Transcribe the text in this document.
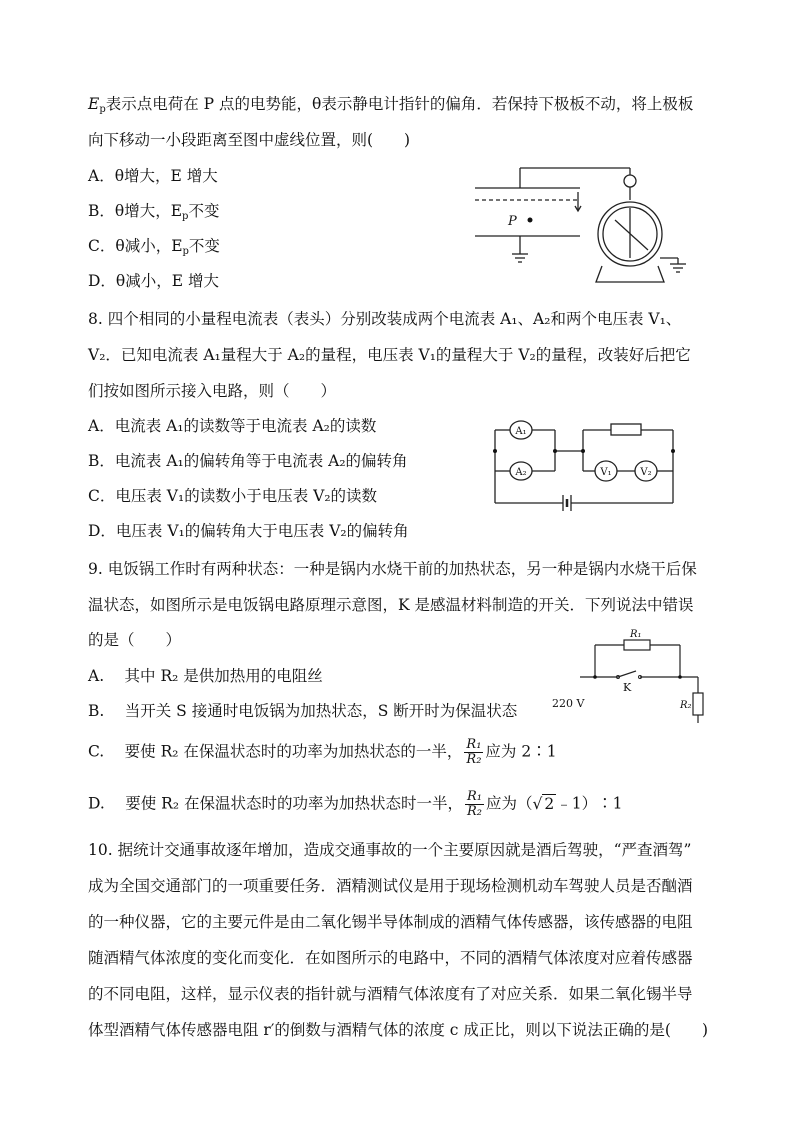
$E_p$表示点电荷在 P 点的电势能，θ表示静电计指针的偏角．若保持下极板不动，将上极板
向下移动一小段距离至图中虚线位置，则(　　)
A．θ增大，E 增大
B．θ增大，$E_p$不变
C．θ减小，$E_p$不变
D．θ减小，E 增大
P
8. 四个相同的小量程电流表（表头）分别改装成两个电流表 A₁、A₂和两个电压表 V₁、
V₂．已知电流表 A₁量程大于 A₂的量程，电压表 V₁的量程大于 V₂的量程，改装好后把它
们按如图所示接入电路，则（　　）
A．电流表 A₁的读数等于电流表 A₂的读数
B．电流表 A₁的偏转角等于电流表 A₂的偏转角
C．电压表 V₁的读数小于电压表 V₂的读数
D．电压表 V₁的偏转角大于电压表 V₂的偏转角
A₁
A₂	V₁	V₂
9. 电饭锅工作时有两种状态：一种是锅内水烧干前的加热状态，另一种是锅内水烧干后保
温状态，如图所示是电饭锅电路原理示意图，K 是感温材料制造的开关．下列说法中错误
的是（　　）
A.　 其中 R₂ 是供加热用的电阻丝
B.　 当开关 S 接通时电饭锅为加热状态，S 断开时为保温状态
C.　 要使 R₂ 在保温状态时的功率为加热状态的一半， $\frac{\text{R₁}}{\text{R₂}}$ 应为 2∶1
D.　 要使 R₂ 在保温状态时的功率为加热状态时一半， $\frac{\text{R₁}}{\text{R₂}}$ 应为（√ 2 ﹣1）∶1
R₁
K
220 V	R₂
10. 据统计交通事故逐年增加，造成交通事故的一个主要原因就是酒后驾驶，“严查酒驾”
成为全国交通部门的一项重要任务．酒精测试仪是用于现场检测机动车驾驶人员是否酗酒
的一种仪器，它的主要元件是由二氧化锡半导体制成的酒精气体传感器，该传感器的电阻
随酒精气体浓度的变化而变化．在如图所示的电路中，不同的酒精气体浓度对应着传感器
的不同电阻，这样，显示仪表的指针就与酒精气体浓度有了对应关系．如果二氧化锡半导
体型酒精气体传感器电阻 r′的倒数与酒精气体的浓度 c 成正比，则以下说法正确的是(　　)
